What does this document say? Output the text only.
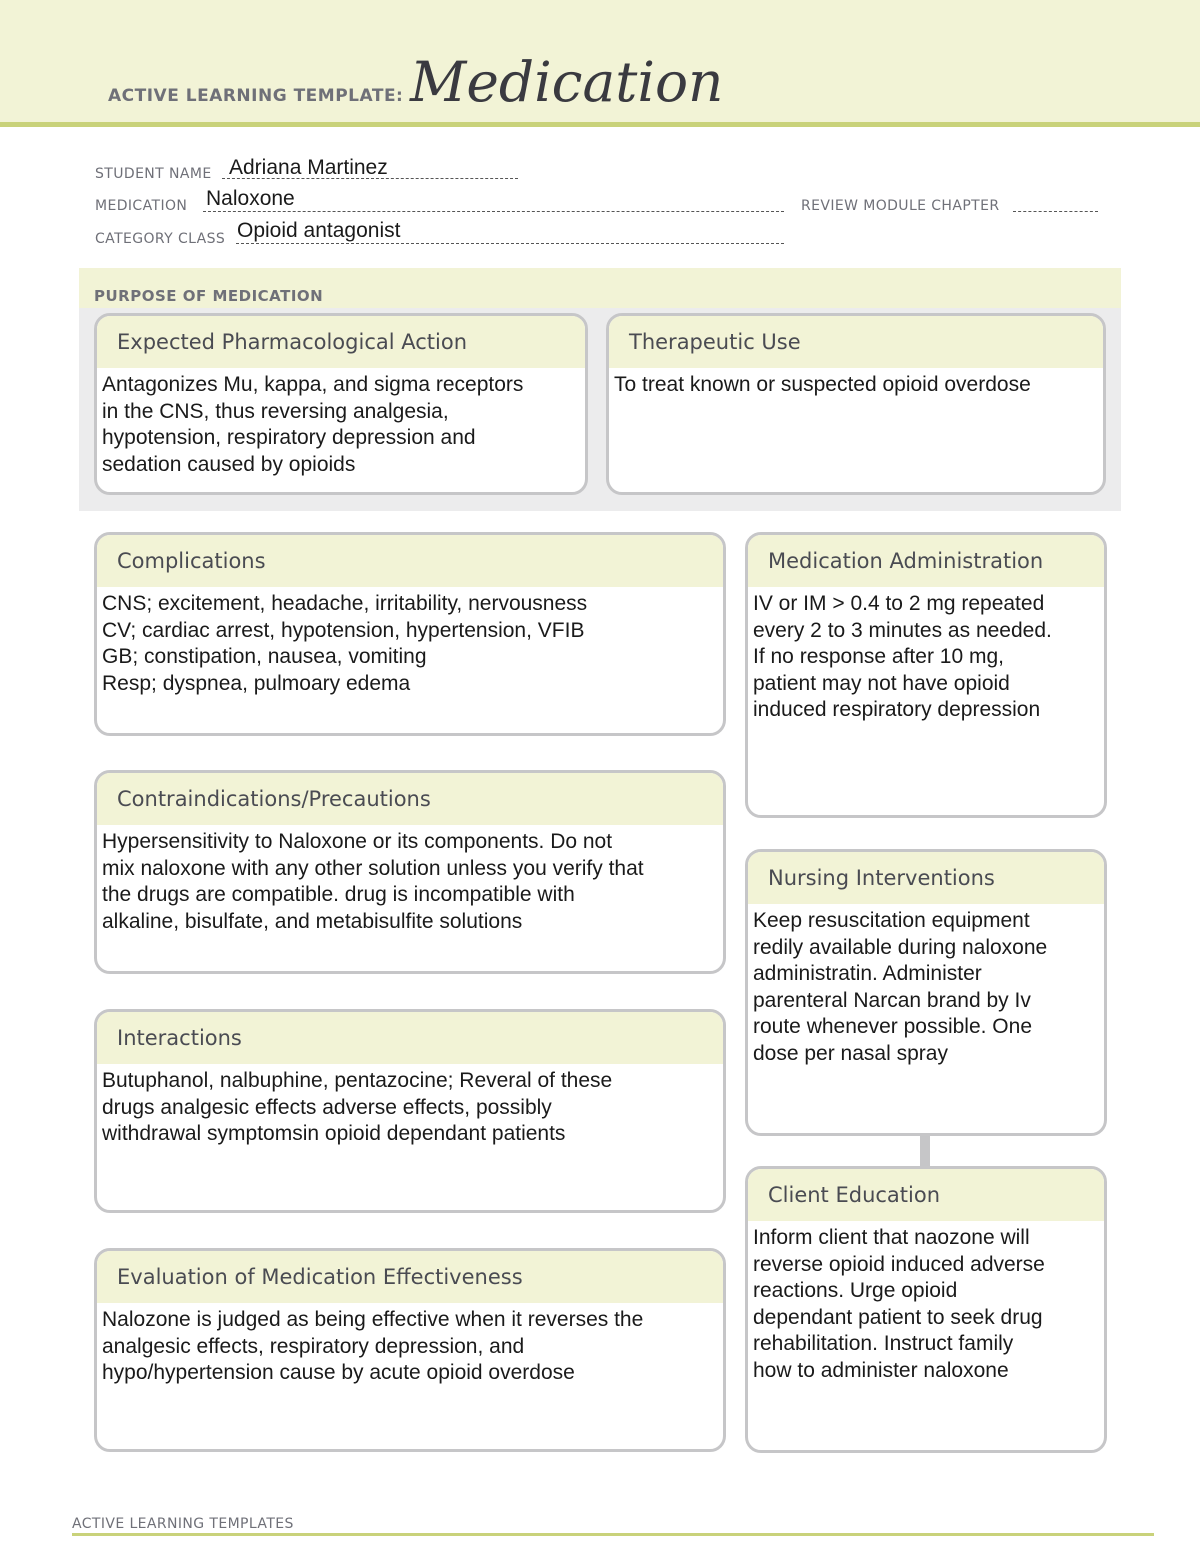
ACTIVE LEARNING TEMPLATE: Medication
STUDENT NAME Adriana Martinez
MEDICATION Naloxone	REVIEW MODULE CHAPTER
CATEGORY CLASS Opioid antagonist
PURPOSE OF MEDICATION
Expected Pharmacological Action
Antagonizes Mu, kappa, and sigma receptors
in the CNS, thus reversing analgesia,
hypotension, respiratory depression and
sedation caused by opioids
Therapeutic Use
To treat known or suspected opioid overdose
Complications
CNS; excitement, headache, irritability, nervousness
CV; cardiac arrest, hypotension, hypertension, VFIB
GB; constipation, nausea, vomiting
Resp; dyspnea, pulmoary edema
Contraindications/Precautions
Hypersensitivity to Naloxone or its components. Do not
mix naloxone with any other solution unless you verify that
the drugs are compatible. drug is incompatible with
alkaline, bisulfate, and metabisulfite solutions
Interactions
Butuphanol, nalbuphine, pentazocine; Reveral of these
drugs analgesic effects adverse effects, possibly
withdrawal symptomsin opioid dependant patients
Evaluation of Medication Effectiveness
Nalozone is judged as being effective when it reverses the
analgesic effects, respiratory depression, and
hypo/hypertension cause by acute opioid overdose
Medication Administration
IV or IM > 0.4 to 2 mg repeated
every 2 to 3 minutes as needed.
If no response after 10 mg,
patient may not have opioid
induced respiratory depression
Nursing Interventions
Keep resuscitation equipment
redily available during naloxone
administratin. Administer
parenteral Narcan brand by Iv
route whenever possible. One
dose per nasal spray
Client Education
Inform client that naozone will
reverse opioid induced adverse
reactions. Urge opioid
dependant patient to seek drug
rehabilitation. Instruct family
how to administer naloxone
ACTIVE LEARNING TEMPLATES
